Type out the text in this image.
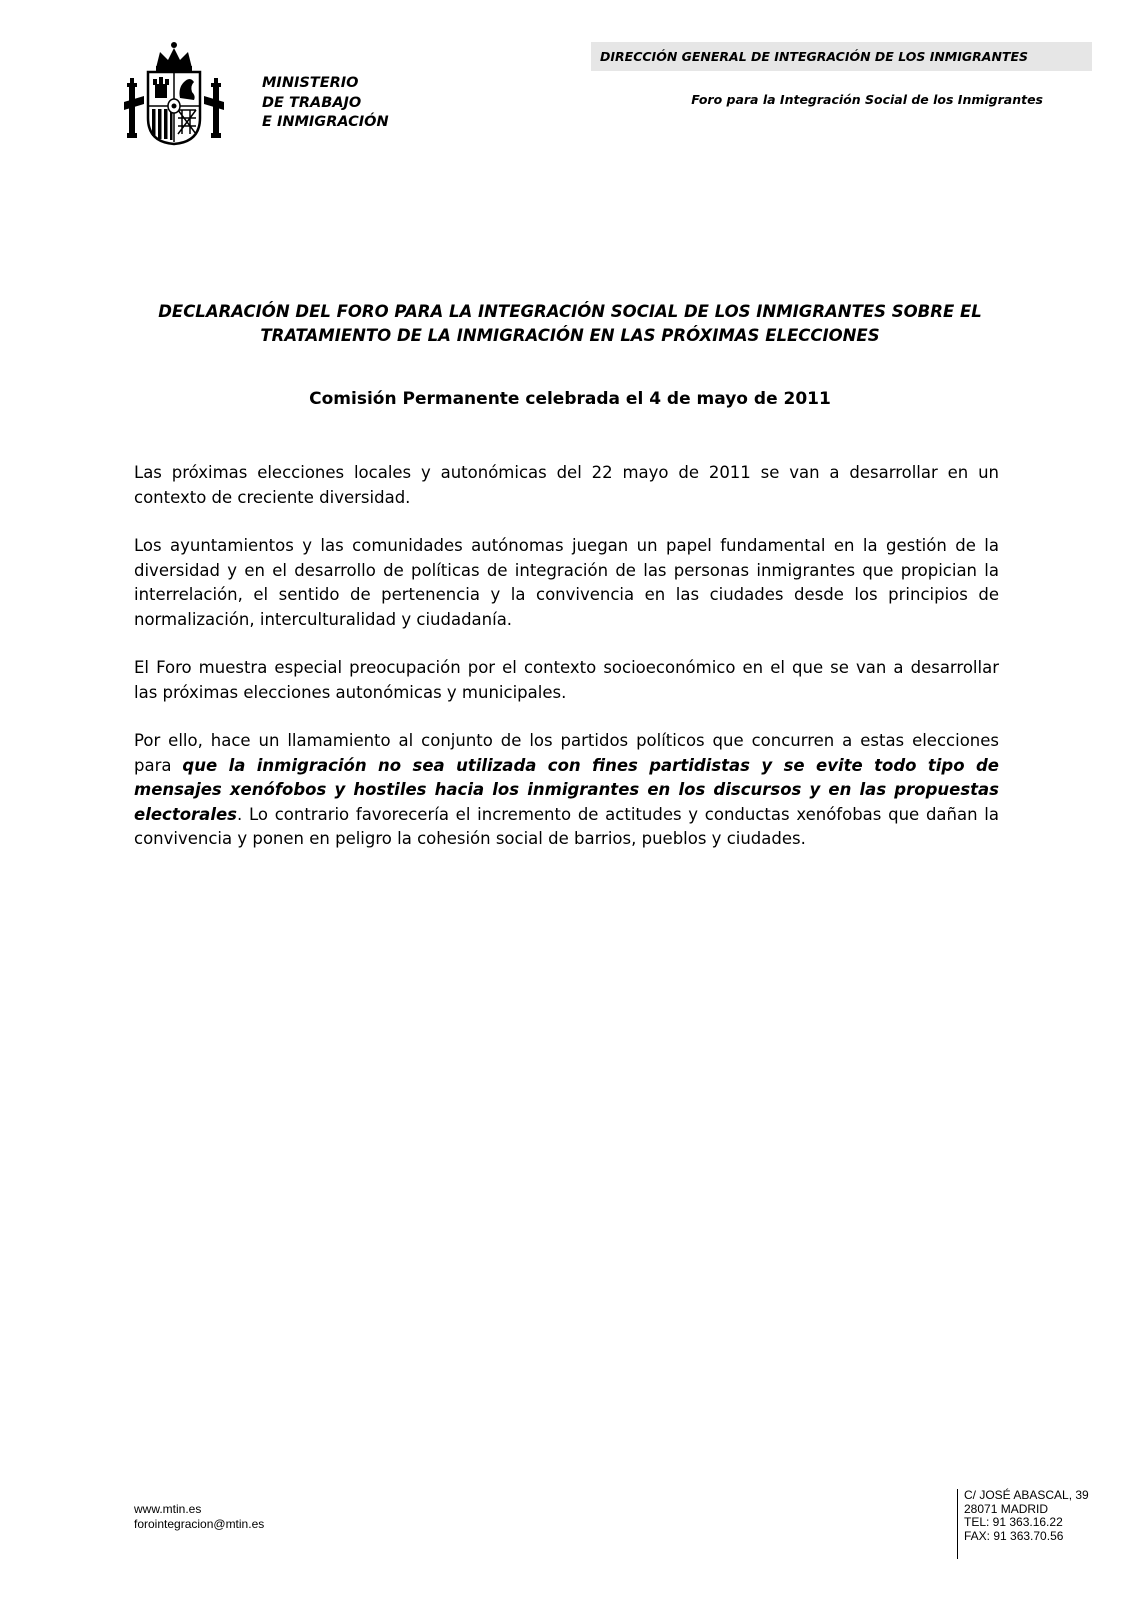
MINISTERIO
DE TRABAJO
E INMIGRACIÓN
DIRECCIÓN GENERAL DE INTEGRACIÓN DE LOS INMIGRANTES
Foro para la Integración Social de los Inmigrantes
DECLARACIÓN DEL FORO PARA LA INTEGRACIÓN SOCIAL DE LOS INMIGRANTES SOBRE EL
TRATAMIENTO DE LA INMIGRACIÓN EN LAS PRÓXIMAS ELECCIONES
Comisión Permanente celebrada el 4 de mayo de 2011

Las próximas elecciones locales y autonómicas del 22 mayo de 2011 se van a desarrollar en un contexto de creciente diversidad.

Los ayuntamientos y las comunidades autónomas juegan un papel fundamental en la gestión de la diversidad y en el desarrollo de políticas de integración de las personas inmigrantes que propician la interrelación, el sentido de pertenencia y la convivencia en las ciudades desde los principios de normalización, interculturalidad y ciudadanía.

El Foro muestra especial preocupación por el contexto socioeconómico en el que se van a desarrollar las próximas elecciones autonómicas y municipales.

Por ello, hace un llamamiento al conjunto de los partidos políticos que concurren a estas elecciones para que la inmigración no sea utilizada con fines partidistas y se evite todo tipo de mensajes xenófobos y hostiles hacia los inmigrantes en los discursos y en las propuestas electorales. Lo contrario favorecería el incremento de actitudes y conductas xenófobas que dañan la convivencia y ponen en peligro la cohesión social de barrios, pueblos y ciudades.

www.mtin.es
forointegracion@mtin.es
C/ JOSÉ ABASCAL, 39
28071 MADRID
TEL: 91 363.16.22
FAX: 91 363.70.56
